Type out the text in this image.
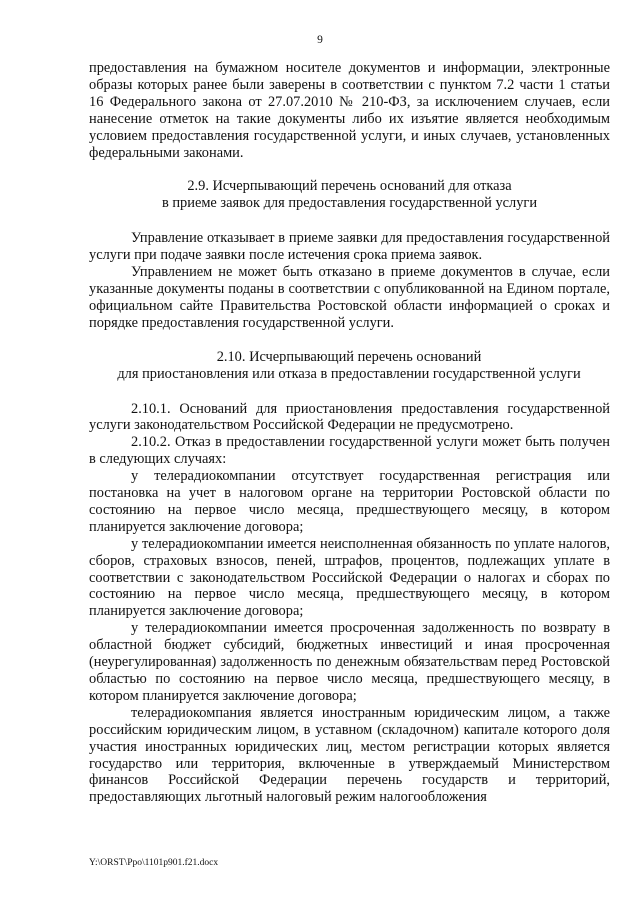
9

предоставления на бумажном носителе документов и информации, электронные образы которых ранее были заверены в соответствии с пунктом 7.2 части 1 статьи 16 Федерального закона от 27.07.2010 № 210-ФЗ, за исключением случаев, если нанесение отметок на такие документы либо их изъятие является необходимым условием предоставления государственной услуги, и иных случаев, установленных федеральными законами.

2.9. Исчерпывающий перечень оснований для отказа
в приеме заявок для предоставления государственной услуги

Управление отказывает в приеме заявки для предоставления государственной услуги при подаче заявки после истечения срока приема заявок.

Управлением не может быть отказано в приеме документов в случае, если указанные документы поданы в соответствии с опубликованной на Едином портале, официальном сайте Правительства Ростовской области информацией о сроках и порядке предоставления государственной услуги.

2.10. Исчерпывающий перечень оснований
для приостановления или отказа в предоставлении государственной услуги

2.10.1. Оснований для приостановления предоставления государственной услуги законодательством Российской Федерации не предусмотрено.

2.10.2. Отказ в предоставлении государственной услуги может быть получен в следующих случаях:

у телерадиокомпании отсутствует государственная регистрация или постановка на учет в налоговом органе на территории Ростовской области по состоянию на первое число месяца, предшествующего месяцу, в котором планируется заключение договора;

у телерадиокомпании имеется неисполненная обязанность по уплате налогов, сборов, страховых взносов, пеней, штрафов, процентов, подлежащих уплате в соответствии с законодательством Российской Федерации о налогах и сборах по состоянию на первое число месяца, предшествующего месяцу, в котором планируется заключение договора;

у телерадиокомпании имеется просроченная задолженность по возврату в областной бюджет субсидий, бюджетных инвестиций и иная просроченная (неурегулированная) задолженность по денежным обязательствам перед Ростовской областью по состоянию на первое число месяца, предшествующего месяцу, в котором планируется заключение договора;

телерадиокомпания является иностранным юридическим лицом, а также российским юридическим лицом, в уставном (складочном) капитале которого доля участия иностранных юридических лиц, местом регистрации которых является государство или территория, включенные в утверждаемый Министерством финансов Российской Федерации перечень государств и территорий, предоставляющих льготный налоговый режим налогообложения

Y:\ORST\Ppo\1101p901.f21.docx
